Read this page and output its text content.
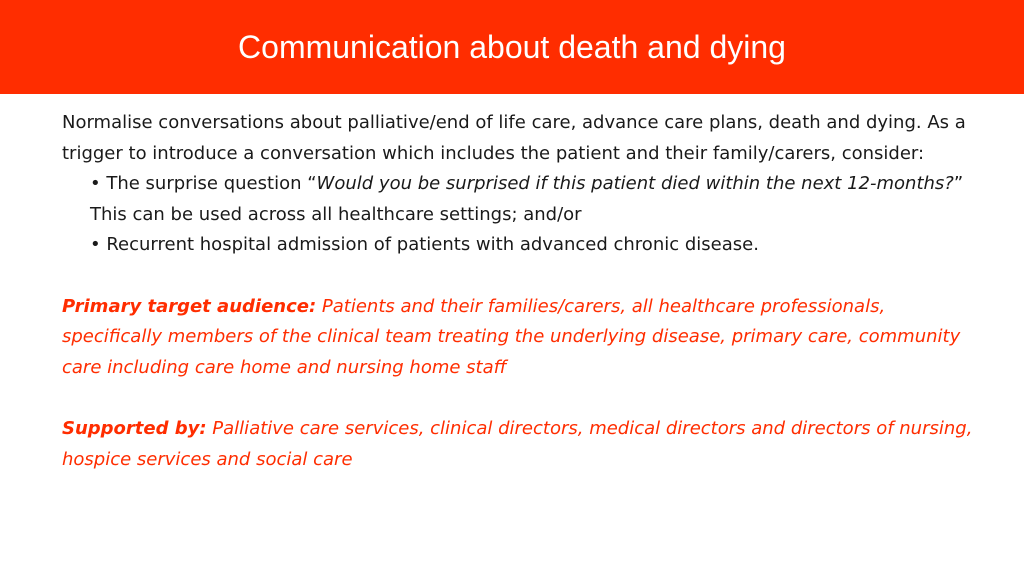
Communication about death and dying

Normalise conversations about palliative/end of life care, advance care plans, death and dying. As a trigger to introduce a conversation which includes the patient and their family/carers, consider:

• The surprise question “Would you be surprised if this patient died within the next 12-months?” This can be used across all healthcare settings; and/or

• Recurrent hospital admission of patients with advanced chronic disease.

Primary target audience: Patients and their families/carers, all healthcare professionals, specifically members of the clinical team treating the underlying disease, primary care, community care including care home and nursing home staff

Supported by: Palliative care services, clinical directors, medical directors and directors of nursing, hospice services and social care
